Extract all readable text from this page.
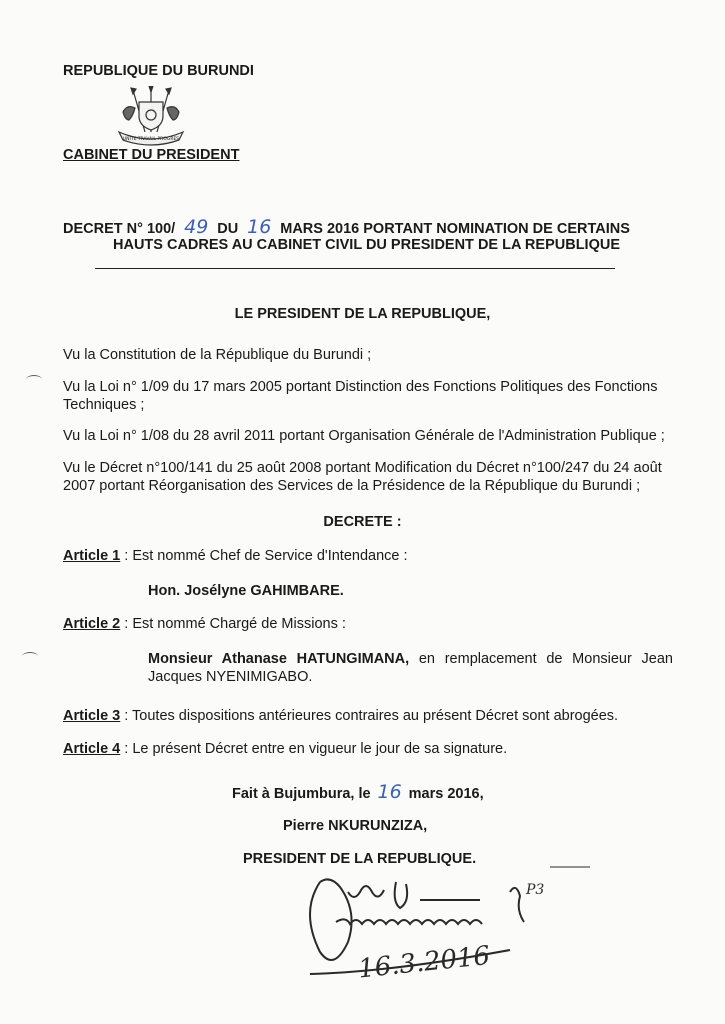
REPUBLIQUE DU BURUNDI
UNITE TRAVAIL PROGRES
CABINET DU PRESIDENT
DECRET N° 100/ 49 DU 16 MARS 2016 PORTANT NOMINATION DE CERTAINS
HAUTS CADRES AU CABINET CIVIL DU PRESIDENT DE LA REPUBLIQUE
LE PRESIDENT DE LA REPUBLIQUE,
Vu la Constitution de la République du Burundi ;
Vu la Loi n° 1/09 du 17 mars 2005 portant Distinction des Fonctions Politiques des Fonctions Techniques ;
Vu la Loi n° 1/08 du 28 avril 2011 portant Organisation Générale de l'Administration Publique ;
Vu le Décret n°100/141 du 25 août 2008 portant Modification du Décret n°100/247 du 24 août 2007 portant Réorganisation des Services de la Présidence de la République du Burundi ;
DECRETE :
Article 1 : Est nommé Chef de Service d'Intendance :
Hon. Josélyne GAHIMBARE.
Article 2 : Est nommé Chargé de Missions :
Monsieur Athanase HATUNGIMANA, en remplacement de Monsieur Jean Jacques NYENIMIGABO.
Article 3 : Toutes dispositions antérieures contraires au présent Décret sont abrogées.
Article 4 : Le présent Décret entre en vigueur le jour de sa signature.
Fait à Bujumbura, le 16 mars 2016,
Pierre NKURUNZIZA,
PRESIDENT DE LA REPUBLIQUE.
P3
16.3.2016
